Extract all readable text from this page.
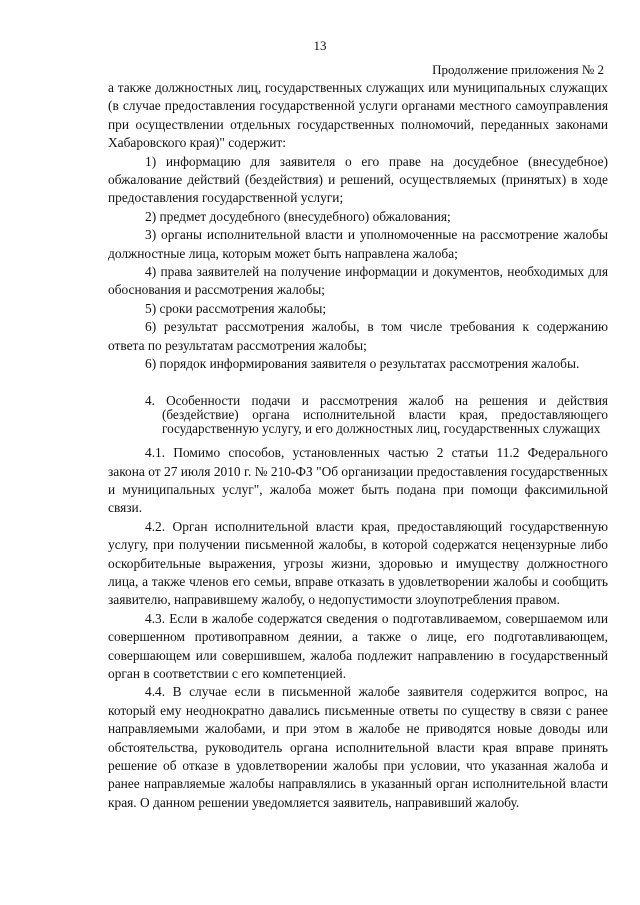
13
Продолжение приложения № 2

а также должностных лиц, государственных служащих или муниципальных служащих (в случае предоставления государственной услуги органами местного самоуправления при осуществлении отдельных государственных полномочий, переданных законами Хабаровского края)" содержит:

1) информацию для заявителя о его праве на досудебное (внесудебное) обжалование действий (бездействия) и решений, осуществляемых (принятых) в ходе предоставления государственной услуги;

2) предмет досудебного (внесудебного) обжалования;

3) органы исполнительной власти и уполномоченные на рассмотрение жалобы должностные лица, которым может быть направлена жалоба;

4) права заявителей на получение информации и документов, необходимых для обоснования и рассмотрения жалобы;

5) сроки рассмотрения жалобы;

6) результат рассмотрения жалобы, в том числе требования к содержанию ответа по результатам рассмотрения жалобы;

6) порядок информирования заявителя о результатах рассмотрения жалобы.

4. Особенности подачи и рассмотрения жалоб на решения и действия (бездействие) органа исполнительной власти края, предоставляющего государственную услугу, и его должностных лиц, государственных служащих

4.1. Помимо способов, установленных частью 2 статьи 11.2 Федерального закона от 27 июля 2010 г. № 210-ФЗ "Об организации предоставления государственных и муниципальных услуг", жалоба может быть подана при помощи факсимильной связи.

4.2. Орган исполнительной власти края, предоставляющий государственную услугу, при получении письменной жалобы, в которой содержатся нецензурные либо оскорбительные выражения, угрозы жизни, здоровью и имуществу должностного лица, а также членов его семьи, вправе отказать в удовлетворении жалобы и сообщить заявителю, направившему жалобу, о недопустимости злоупотребления правом.

4.3. Если в жалобе содержатся сведения о подготавливаемом, совершаемом или совершенном противоправном деянии, а также о лице, его подготавливающем, совершающем или совершившем, жалоба подлежит направлению в государственный орган в соответствии с его компетенцией.

4.4. В случае если в письменной жалобе заявителя содержится вопрос, на который ему неоднократно давались письменные ответы по существу в связи с ранее направляемыми жалобами, и при этом в жалобе не приводятся новые доводы или обстоятельства, руководитель органа исполнительной власти края вправе принять решение об отказе в удовлетворении жалобы при условии, что указанная жалоба и ранее направляемые жалобы направлялись в указанный орган исполнительной власти края. О данном решении уведомляется заявитель, направивший жалобу.
